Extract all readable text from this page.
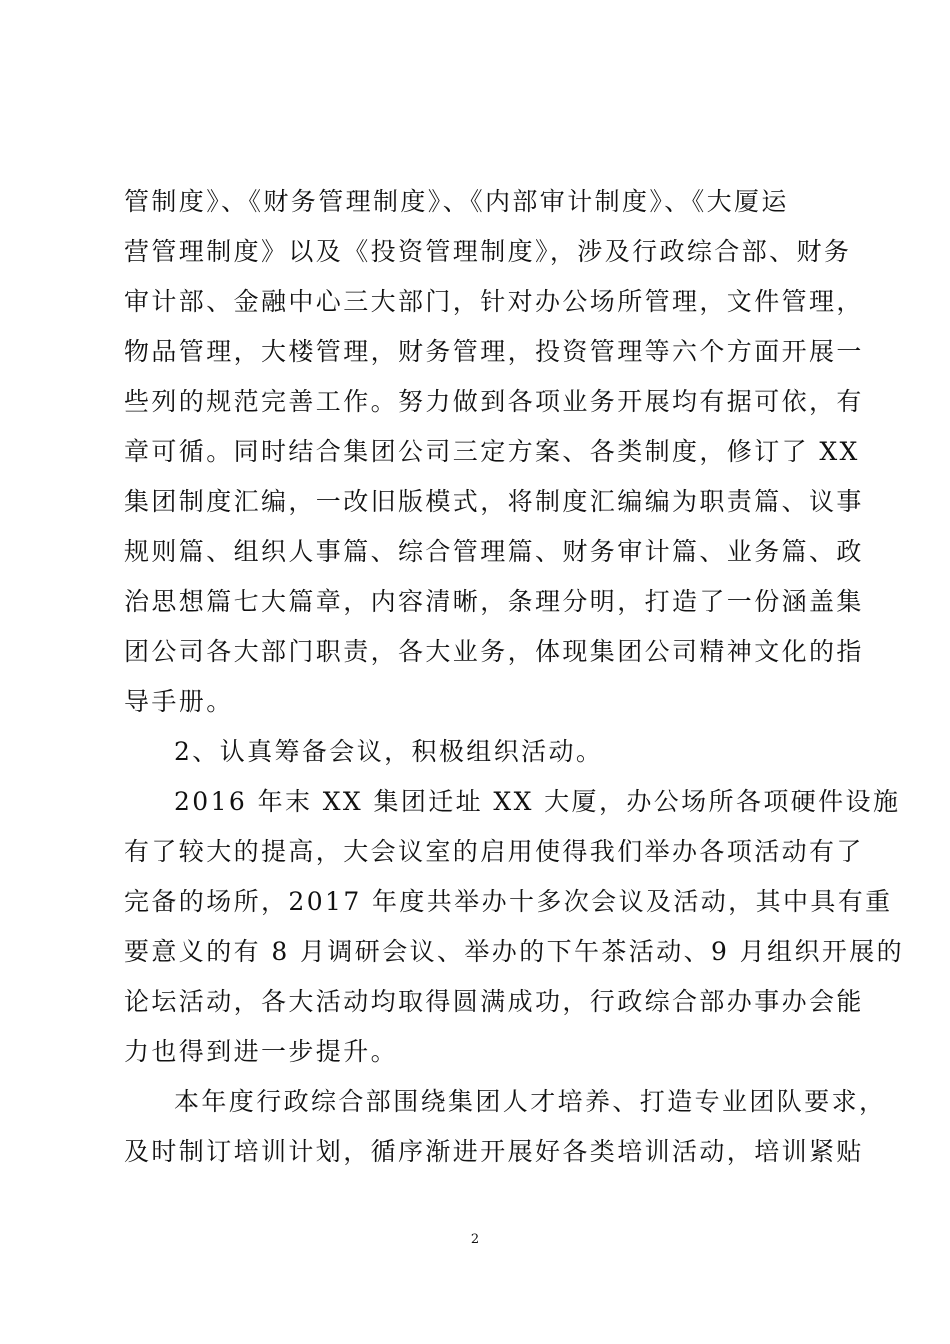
管制度》、《财务管理制度》、《内部审计制度》、《大厦运
营管理制度》以及《投资管理制度》，涉及行政综合部、财务
审计部、金融中心三大部门，针对办公场所管理，文件管理，
物品管理，大楼管理，财务管理，投资管理等六个方面开展一
些列的规范完善工作。努力做到各项业务开展均有据可依，有
章可循。同时结合集团公司三定方案、各类制度，修订了 XX
集团制度汇编，一改旧版模式，将制度汇编编为职责篇、议事
规则篇、组织人事篇、综合管理篇、财务审计篇、业务篇、政
治思想篇七大篇章，内容清晰，条理分明，打造了一份涵盖集
团公司各大部门职责，各大业务，体现集团公司精神文化的指
导手册。
2、认真筹备会议，积极组织活动。
2016 年末 XX 集团迁址 XX 大厦，办公场所各项硬件设施
有了较大的提高，大会议室的启用使得我们举办各项活动有了
完备的场所，2017 年度共举办十多次会议及活动，其中具有重
要意义的有 8 月调研会议、举办的下午茶活动、9 月组织开展的
论坛活动，各大活动均取得圆满成功，行政综合部办事办会能
力也得到进一步提升。
本年度行政综合部围绕集团人才培养、打造专业团队要求，
及时制订培训计划，循序渐进开展好各类培训活动，培训紧贴
2
